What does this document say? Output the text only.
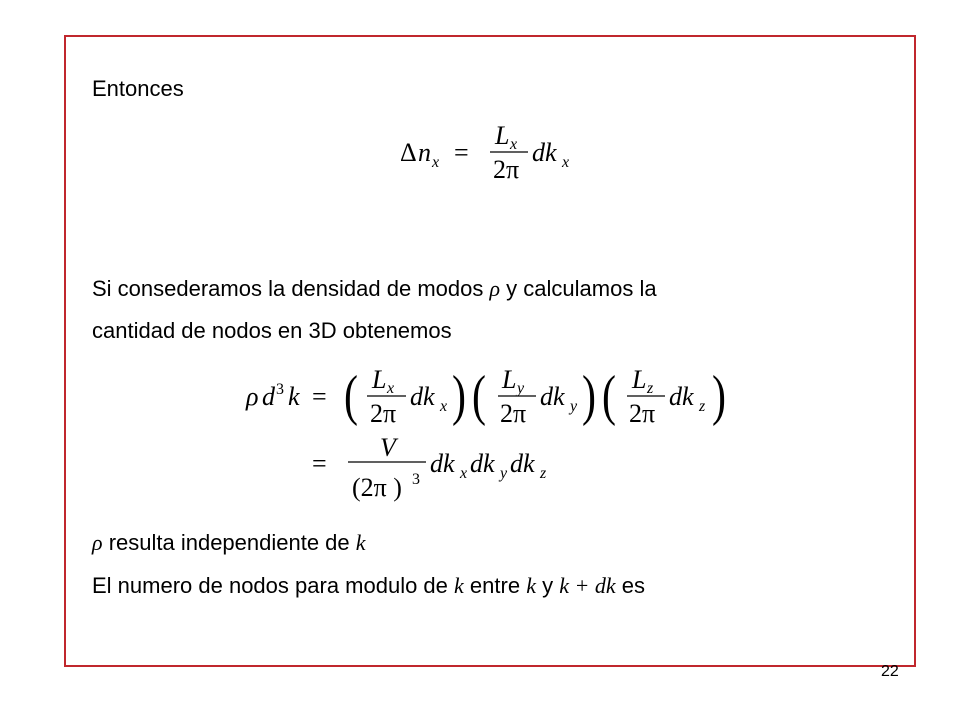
Entonces
Δ n x =
L x
2π
dk x
Si consederamos la densidad de modos ρ y calculamos la
cantidad de nodos en 3D obtenemos
ρ d 3 k = ( L x
2π
dk x ) ( L y
2π
dk y ) ( L z
2π
dk z )
=
V
(2π ) 3
dk x dk y dk z
ρ resulta independiente de k
El numero de nodos para modulo de k entre k y k + dk es
22
